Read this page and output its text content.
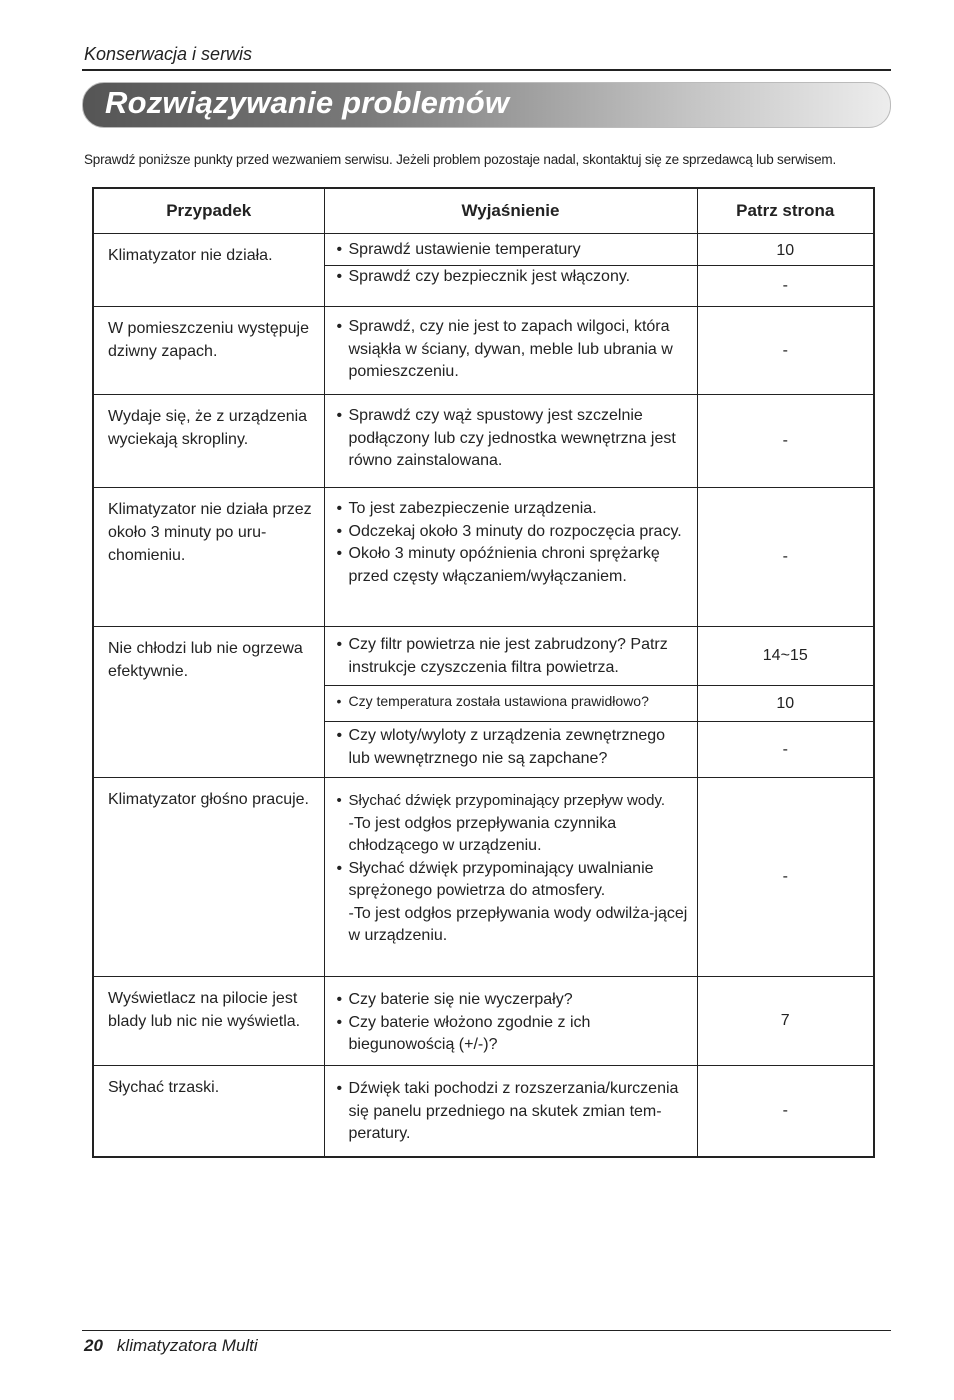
Konserwacja i serwis
Rozwiązywanie problemów
Sprawdź poniższe punkty przed wezwaniem serwisu. Jeżeli problem pozostaje nadal, skontaktuj się ze sprzedawcą lub serwisem.
Przypadek	Wyjaśnienie	Patrz strona
Klimatyzator nie działa.	• Sprawdź ustawienie temperatury	10

	• Sprawdź czy bezpiecznik jest włączony.	-
W pomieszczeniu występuje dziwny zapach.	• Sprawdź, czy nie jest to zapach wilgoci, która wsiąkła w ściany, dywan, meble lub ubrania w pomieszczeniu.	-
Wydaje się, że z urządzenia wyciekają skropliny.	• Sprawdź czy wąż spustowy jest szczelnie podłączony lub czy jednostka wewnętrzna jest równo zainstalowana.	-
Klimatyzator nie działa przez około 3 minuty po uru-chomieniu.	• To jest zabezpieczenie urządzenia.
• Odczekaj około 3 minuty do rozpoczęcia pracy.
• Około 3 minuty opóźnienia chroni sprężarkę przed częsty włączaniem/wyłączaniem.	-
Nie chłodzi lub nie ogrzewa efektywnie.	• Czy filtr powietrza nie jest zabrudzony? Patrz instrukcje czyszczenia filtra powietrza.	14~15

	• Czy temperatura została ustawiona prawidłowo?	10

	• Czy wloty/wyloty z urządzenia zewnętrznego lub wewnętrznego nie są zapchane?	-
Klimatyzator głośno pracuje.	• Słychać dźwięk przypominający przepływ wody.
-To jest odgłos przepływania czynnika chłodzącego w urządzeniu.
• Słychać dźwięk przypominający uwalnianie sprężonego powietrza do atmosfery.
-To jest odgłos przepływania wody odwilża-jącej w urządzeniu.	-
Wyświetlacz na pilocie jest blady lub nic nie wyświetla.	• Czy baterie się nie wyczerpały?
• Czy baterie włożono zgodnie z ich biegunowością (+/-)?	7
Słychać trzaski.	• Dźwięk taki pochodzi z rozszerzania/kurczenia się panelu przedniego na skutek zmian tem-peratury.	-
20 klimatyzatora Multi
